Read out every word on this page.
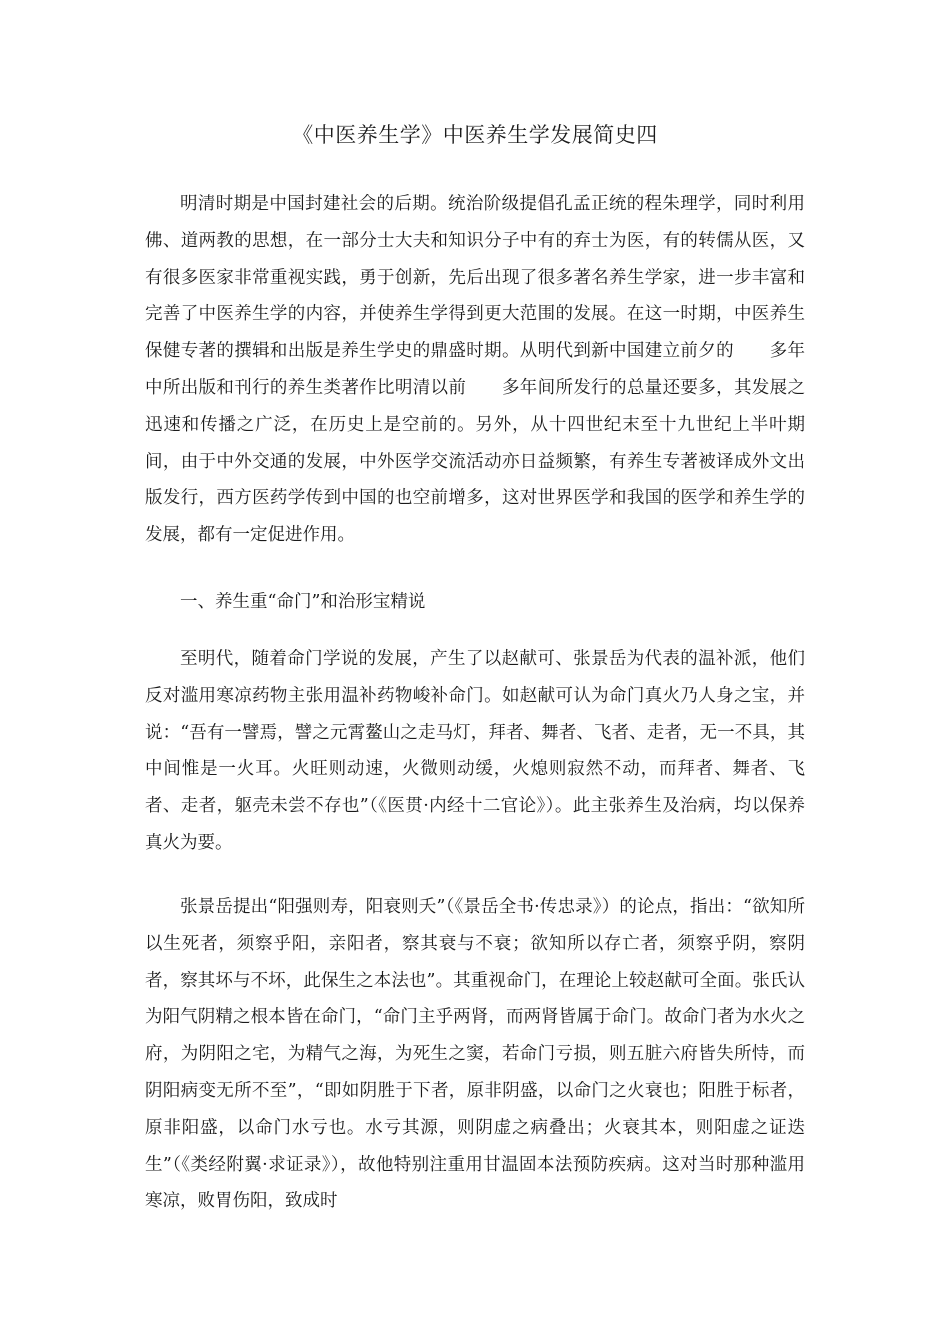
《中医养生学》中医养生学发展简史四

明清时期是中国封建社会的后期。统治阶级提倡孔孟正统的程朱理学，同时利用佛、道两教的思想，在一部分士大夫和知识分子中有的弃士为医，有的转儒从医，又有很多医家非常重视实践，勇于创新，先后出现了很多著名养生学家，进一步丰富和完善了中医养生学的内容，并使养生学得到更大范围的发展。在这一时期，中医养生保健专著的撰辑和出版是养生学史的鼎盛时期。从明代到新中国建立前夕的　　多年中所出版和刊行的养生类著作比明清以前　　多年间所发行的总量还要多，其发展之迅速和传播之广泛，在历史上是空前的。另外，从十四世纪末至十九世纪上半叶期间，由于中外交通的发展，中外医学交流活动亦日益频繁，有养生专著被译成外文出版发行，西方医药学传到中国的也空前增多，这对世界医学和我国的医学和养生学的发展，都有一定促进作用。

一、养生重“命门”和治形宝精说

至明代，随着命门学说的发展，产生了以赵献可、张景岳为代表的温补派，他们反对滥用寒凉药物主张用温补药物峻补命门。如赵献可认为命门真火乃人身之宝，并说：“吾有一譬焉，譬之元霄鳌山之走马灯，拜者、舞者、飞者、走者，无一不具，其中间惟是一火耳。火旺则动速，火微则动缓，火熄则寂然不动，而拜者、舞者、飞者、走者，躯壳未尝不存也”（《医贯·内经十二官论》）。此主张养生及治病，均以保养真火为要。

张景岳提出“阳强则寿，阳衰则夭”（《景岳全书·传忠录》）的论点，指出：“欲知所以生死者，须察乎阳，亲阳者，察其衰与不衰；欲知所以存亡者，须察乎阴，察阴者，察其坏与不坏，此保生之本法也”。其重视命门，在理论上较赵献可全面。张氏认为阳气阴精之根本皆在命门，“命门主乎两肾，而两肾皆属于命门。故命门者为水火之府，为阴阳之宅，为精气之海，为死生之窦，若命门亏损，则五脏六府皆失所恃，而阴阳病变无所不至”，“即如阴胜于下者，原非阴盛，以命门之火衰也；阳胜于标者，原非阳盛，以命门水亏也。水亏其源，则阴虚之病叠出；火衰其本，则阳虚之证迭生”（《类经附翼·求证录》），故他特别注重用甘温固本法预防疾病。这对当时那种滥用寒凉，败胃伤阳，致成时
